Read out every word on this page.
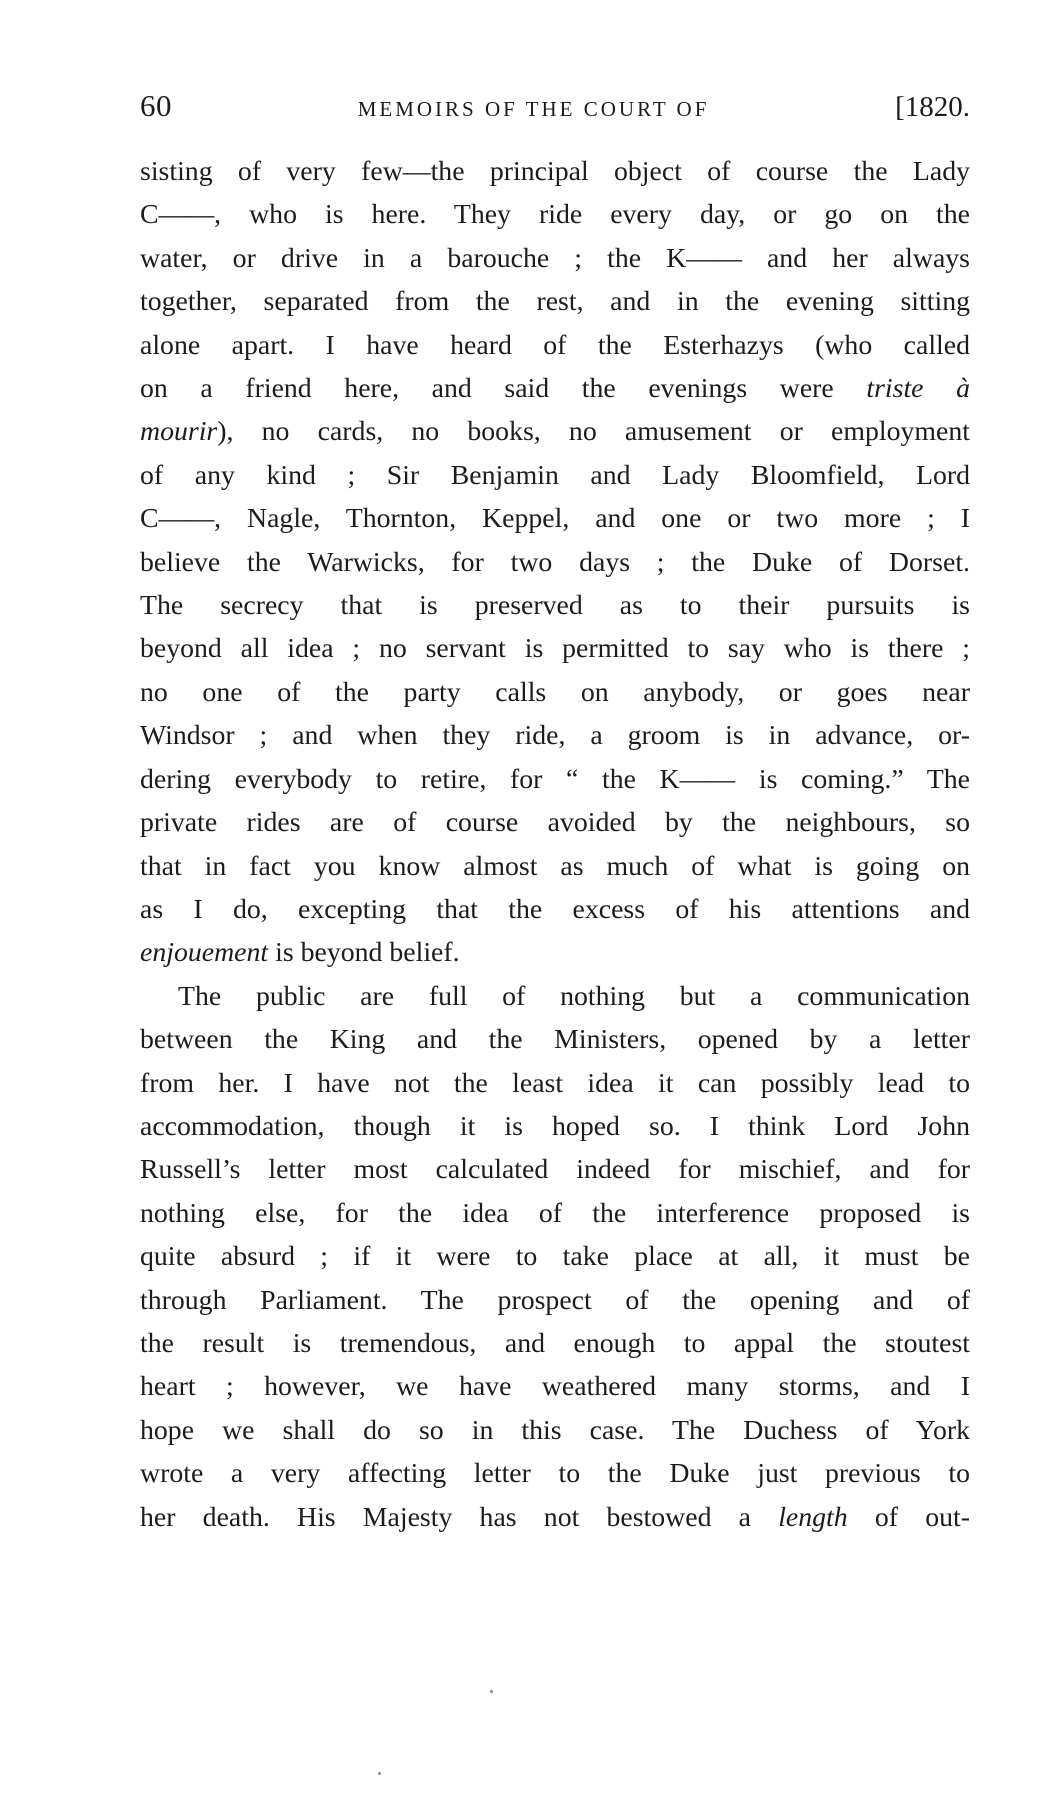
60	MEMOIRS OF THE COURT OF	[1820.

sisting of very few—the principal object of course the Lady
C——, who is here. They ride every day, or go on the
water, or drive in a barouche ; the K—— and her always
together, separated from the rest, and in the evening sitting
alone apart. I have heard of the Esterhazys (who called
on a friend here, and said the evenings were triste à
mourir), no cards, no books, no amusement or employment
of any kind ; Sir Benjamin and Lady Bloomfield, Lord
C——, Nagle, Thornton, Keppel, and one or two more ; I
believe the Warwicks, for two days ; the Duke of Dorset.
The secrecy that is preserved as to their pursuits is
beyond all idea ; no servant is permitted to say who is there ;
no one of the party calls on anybody, or goes near
Windsor ; and when they ride, a groom is in advance, or-
dering everybody to retire, for “ the K—— is coming.” The
private rides are of course avoided by the neighbours, so
that in fact you know almost as much of what is going on
as I do, excepting that the excess of his attentions and
enjouement is beyond belief.

The public are full of nothing but a communication
between the King and the Ministers, opened by a letter
from her. I have not the least idea it can possibly lead to
accommodation, though it is hoped so. I think Lord John
Russell’s letter most calculated indeed for mischief, and for
nothing else, for the idea of the interference proposed is
quite absurd ; if it were to take place at all, it must be
through Parliament. The prospect of the opening and of
the result is tremendous, and enough to appal the stoutest
heart ; however, we have weathered many storms, and I
hope we shall do so in this case. The Duchess of York
wrote a very affecting letter to the Duke just previous to
her death. His Majesty has not bestowed a length of out-
